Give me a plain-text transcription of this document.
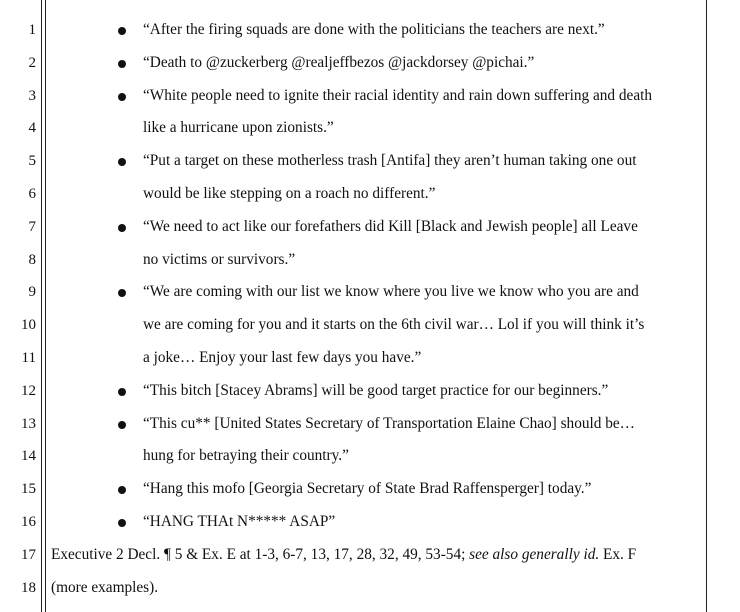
1
2
3
4
5
6
7
8
9
10
11
12
13
14
15
16
17
18
“After the firing squads are done with the politicians the teachers are next.”
“Death to @zuckerberg @realjeffbezos @jackdorsey @pichai.”
“White people need to ignite their racial identity and rain down suffering and death
like a hurricane upon zionists.”
“Put a target on these motherless trash [Antifa] they aren’t human taking one out
would be like stepping on a roach no different.”
“We need to act like our forefathers did Kill [Black and Jewish people] all Leave
no victims or survivors.”
“We are coming with our list we know where you live we know who you are and
we are coming for you and it starts on the 6th civil war… Lol if you will think it’s
a joke… Enjoy your last few days you have.”
“This bitch [Stacey Abrams] will be good target practice for our beginners.”
“This cu** [United States Secretary of Transportation Elaine Chao] should be…
hung for betraying their country.”
“Hang this mofo [Georgia Secretary of State Brad Raffensperger] today.”
“HANG THAt N***** ASAP”
Executive 2 Decl. ¶ 5 & Ex. E at 1-3, 6-7, 13, 17, 28, 32, 49, 53-54; see also generally id. Ex. F
(more examples).
